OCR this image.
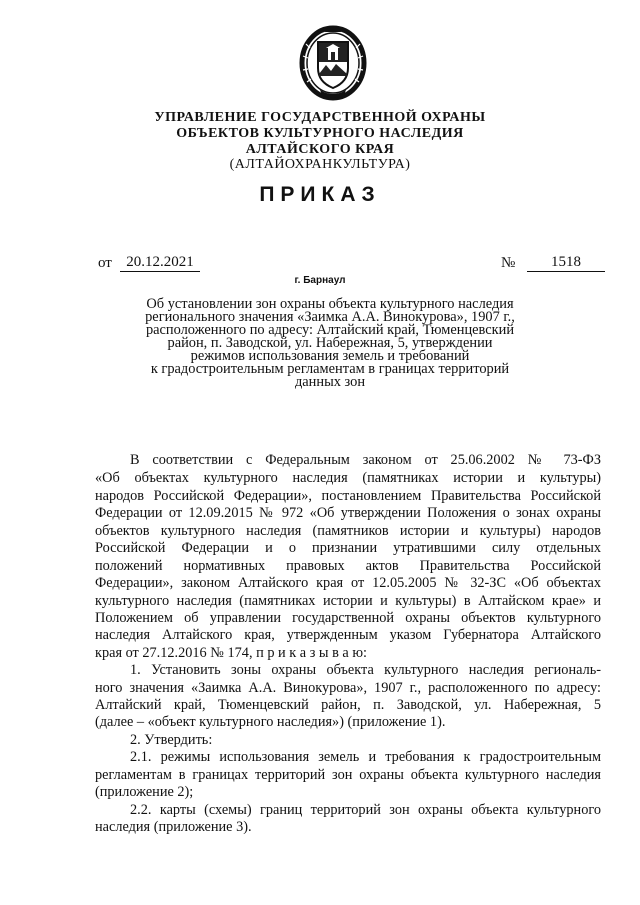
УПРАВЛЕНИЕ ГОСУДАРСТВЕННОЙ ОХРАНЫ
ОБЪЕКТОВ КУЛЬТУРНОГО НАСЛЕДИЯ
АЛТАЙСКОГО КРАЯ
(АЛТАЙОХРАНКУЛЬТУРА)
ПРИКАЗ
от 20.12.2021	№	1518
г. Барнаул
Об установлении зон охраны объекта культурного наследия
регионального значения «Заимка А.А. Винокурова», 1907 г.,
расположенного по адресу: Алтайский край, Тюменцевский
район, п. Заводской, ул. Набережная, 5, утверждении
режимов использования земель и требований
к градостроительным регламентам в границах территорий
данных зон
В соответствии с Федеральным законом от 25.06.2002 № 73-ФЗ
«Об объектах культурного наследия (памятниках истории и культуры)
народов Российской Федерации», постановлением Правительства Российской
Федерации от 12.09.2015 № 972 «Об утверждении Положения о зонах охраны
объектов культурного наследия (памятников истории и культуры) народов
Российской Федерации и о признании утратившими силу отдельных
положений нормативных правовых актов Правительства Российской
Федерации», законом Алтайского края от 12.05.2005 № 32-ЗС «Об объектах
культурного наследия (памятниках истории и культуры) в Алтайском крае» и
Положением об управлении государственной охраны объектов культурного
наследия Алтайского края, утвержденным указом Губернатора Алтайского
края от 27.12.2016 № 174, п р и к а з ы в а ю:
1. Установить зоны охраны объекта культурного наследия региональ-
ного значения «Заимка А.А. Винокурова», 1907 г., расположенного по адресу:
Алтайский край, Тюменцевский район, п. Заводской, ул. Набережная, 5
(далее – «объект культурного наследия») (приложение 1).
2. Утвердить:
2.1. режимы использования земель и требования к градостроительным
регламентам в границах территорий зон охраны объекта культурного наследия
(приложение 2);
2.2. карты (схемы) границ территорий зон охраны объекта культурного
наследия (приложение 3).
